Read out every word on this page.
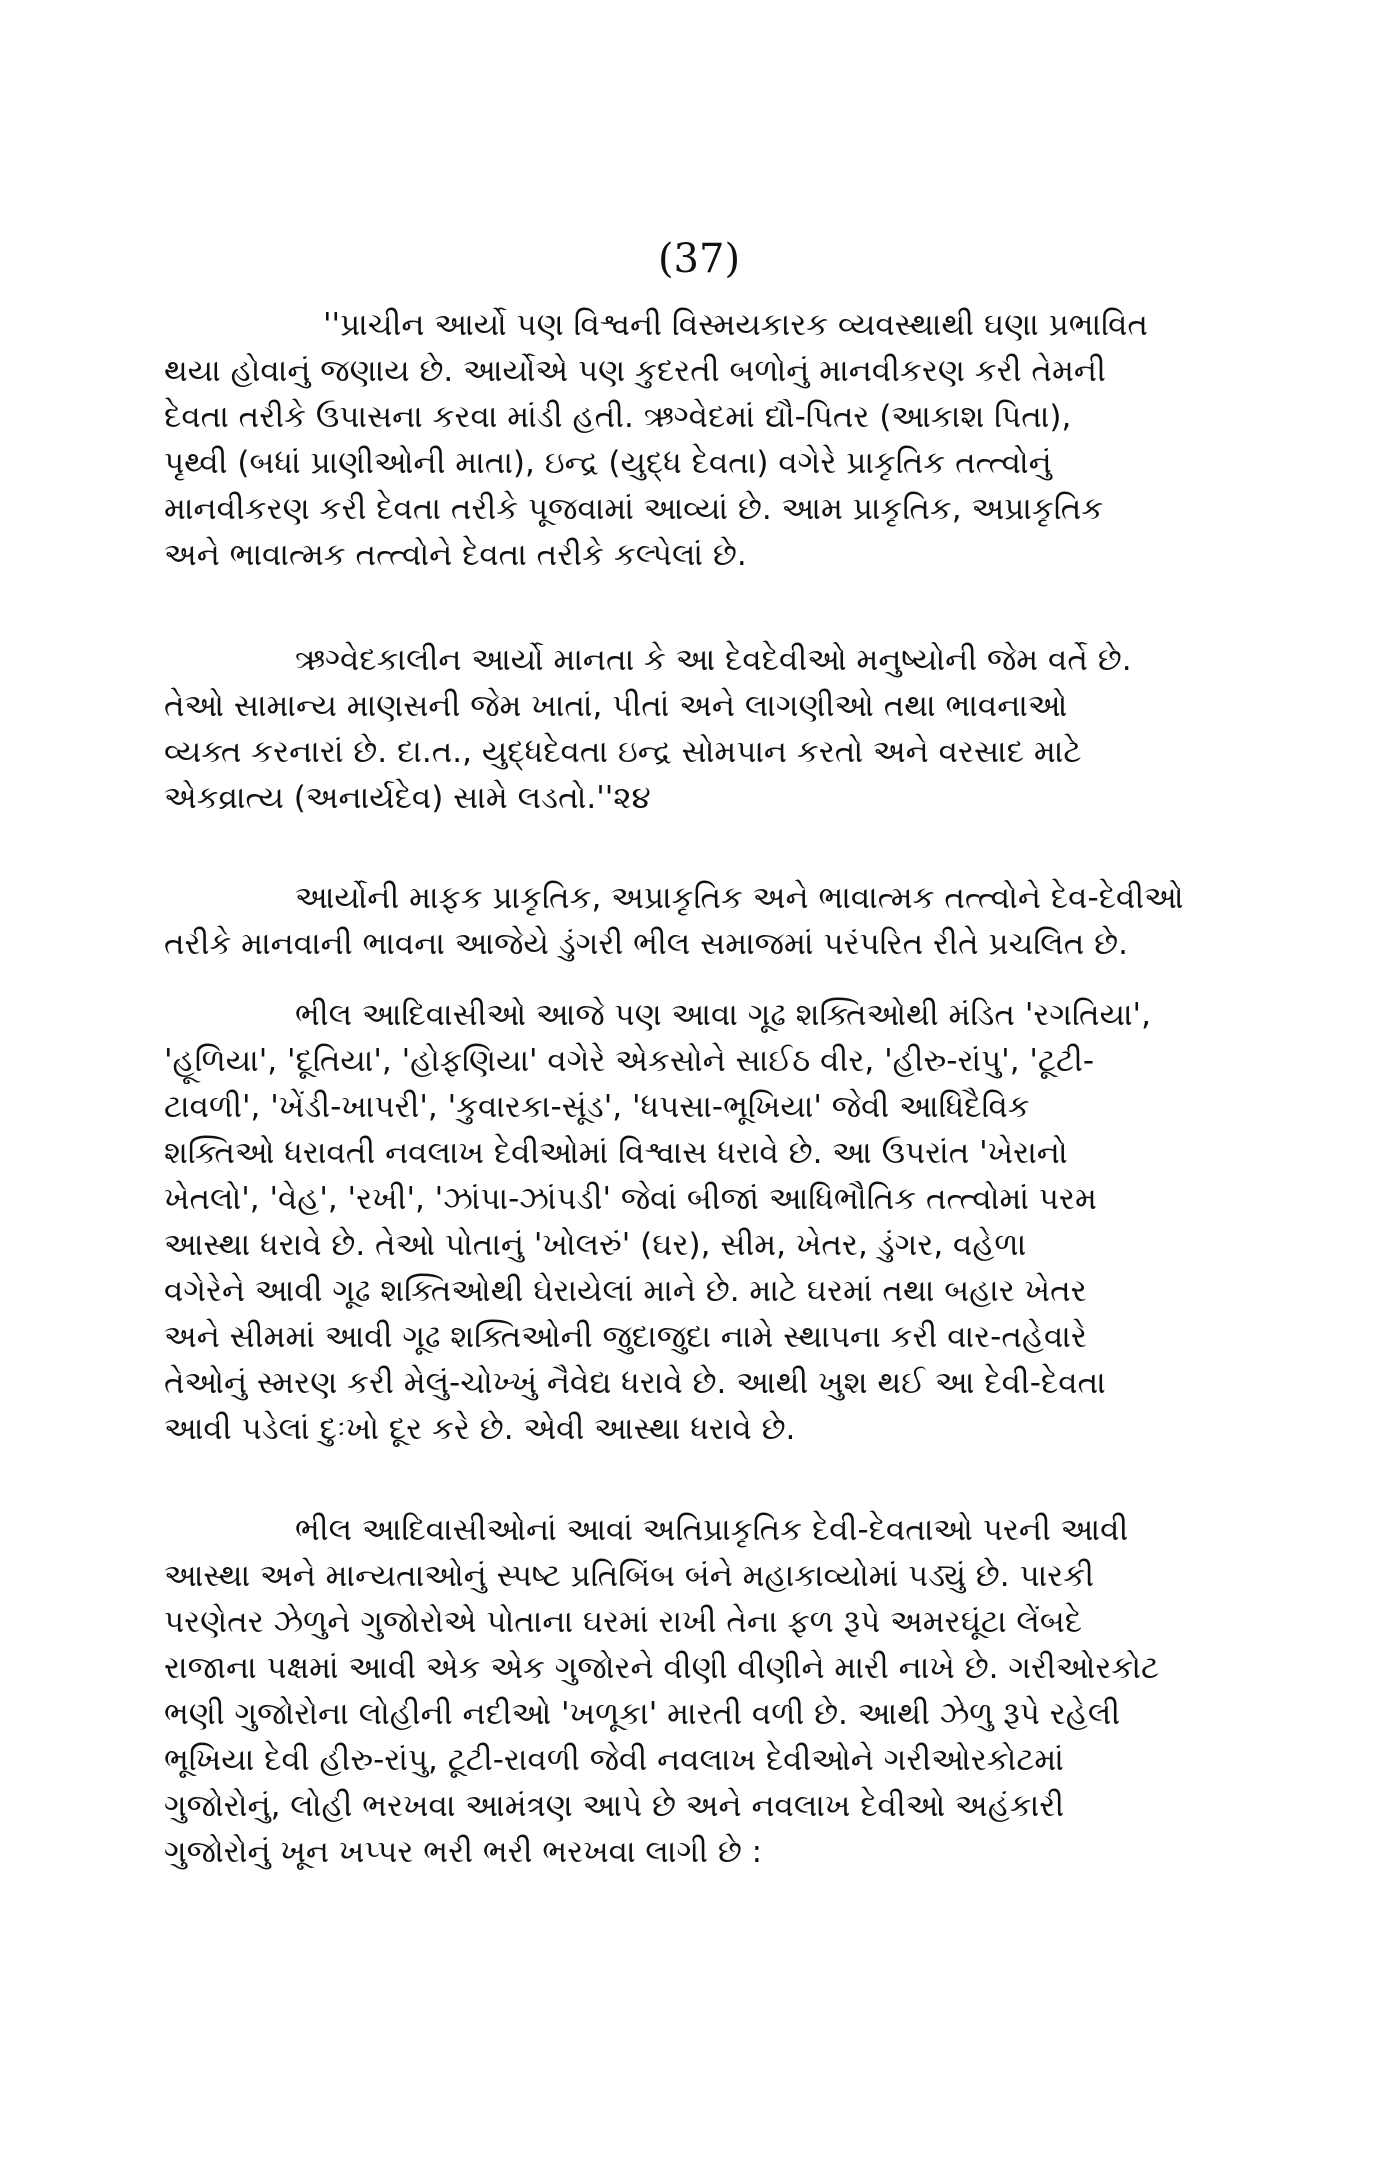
(37)
''પ્રાચીન આર્યો પણ વિશ્વની વિસ્મયકારક વ્યવસ્થાથી ઘણા પ્રભાવિત
થયા હોવાનું જણાય છે. આર્યોએ પણ કુદરતી બળોનું માનવીકરણ કરી તેમની
દેવતા તરીકે ઉપાસના કરવા માંડી હતી. ઋગ્વેદમાં દ્યૌ-પિતર (આકાશ પિતા),
પૃથ્વી (બધાં પ્રાણીઓની માતા), ઇન્દ્ર (યુદ્ધ દેવતા) વગેરે પ્રાકૃતિક તત્ત્વોનું
માનવીકરણ કરી દેવતા તરીકે પૂજવામાં આવ્યાં છે. આમ પ્રાકૃતિક, અપ્રાકૃતિક
અને ભાવાત્મક તત્ત્વોને દેવતા તરીકે કલ્પેલાં છે.
ઋગ્વેદકાલીન આર્યો માનતા કે આ દેવદેવીઓ મનુષ્યોની જેમ વર્તે છે.
તેઓ સામાન્ય માણસની જેમ ખાતાં, પીતાં અને લાગણીઓ તથા ભાવનાઓ
વ્યક્ત કરનારાં છે. દા.ત., યુદ્ધદેવતા ઇન્દ્ર સોમપાન કરતો અને વરસાદ માટે
એકવ્રાત્ય (અનાર્યદેવ) સામે લડતો.''૨૪
આર્યોની માફક પ્રાકૃતિક, અપ્રાકૃતિક અને ભાવાત્મક તત્ત્વોને દેવ-દેવીઓ
તરીકે માનવાની ભાવના આજેયે ડુંગરી ભીલ સમાજમાં પરંપરિત રીતે પ્રચલિત છે.
ભીલ આદિવાસીઓ આજે પણ આવા ગૂઢ શક્તિઓથી મંડિત 'રગતિયા',
'હૂળિયા', 'દૂતિયા', 'હોફણિયા' વગેરે એકસોને સાઈઠ વીર, 'હીરુ-રાંપુ', 'ટૂટી-
ટાવળી', 'ખેંડી-ખાપરી', 'કુવારકા-સૂંડ', 'ધપસા-ભૂખિયા' જેવી આધિદૈવિક
શક્તિઓ ધરાવતી નવલાખ દેવીઓમાં વિશ્વાસ ધરાવે છે. આ ઉપરાંત 'ખેરાનો
ખેતલો', 'વેહ', 'રખી', 'ઝાંપા-ઝાંપડી' જેવાં બીજાં આધિભૌતિક તત્ત્વોમાં પરમ
આસ્થા ધરાવે છે. તેઓ પોતાનું 'ખોલરું' (ઘર), સીમ, ખેતર, ડુંગર, વહેળા
વગેરેને આવી ગૂઢ શક્તિઓથી ઘેરાયેલાં માને છે. માટે ઘરમાં તથા બહાર ખેતર
અને સીમમાં આવી ગૂઢ શક્તિઓની જુદાજુદા નામે સ્થાપના કરી વાર-તહેવારે
તેઓનું સ્મરણ કરી મેલું-ચોખ્ખું નૈવેદ્ય ધરાવે છે. આથી ખુશ થઈ આ દેવી-દેવતા
આવી પડેલાં દુઃખો દૂર કરે છે. એવી આસ્થા ધરાવે છે.
ભીલ આદિવાસીઓનાં આવાં અતિપ્રાકૃતિક દેવી-દેવતાઓ પરની આવી
આસ્થા અને માન્યતાઓનું સ્પષ્ટ પ્રતિબિંબ બંને મહાકાવ્યોમાં પડ્યું છે. પારકી
પરણેતર ઝેળુને ગુજોરોએ પોતાના ઘરમાં રાખી તેના ફળ રૂપે અમરઘૂંટા લેંબદે
રાજાના પક્ષમાં આવી એક એક ગુજોરને વીણી વીણીને મારી નાખે છે. ગરીઓરકોટ
ભણી ગુજોરોના લોહીની નદીઓ 'ખળૂકા' મારતી વળી છે. આથી ઝેળુ રૂપે રહેલી
ભૂખિયા દેવી હીરુ-રાંપુ, ટૂટી-રાવળી જેવી નવલાખ દેવીઓને ગરીઓરકોટમાં
ગુજોરોનું, લોહી ભરખવા આમંત્રણ આપે છે અને નવલાખ દેવીઓ અહંકારી
ગુજોરોનું ખૂન ખપ્પર ભરી ભરી ભરખવા લાગી છે :
